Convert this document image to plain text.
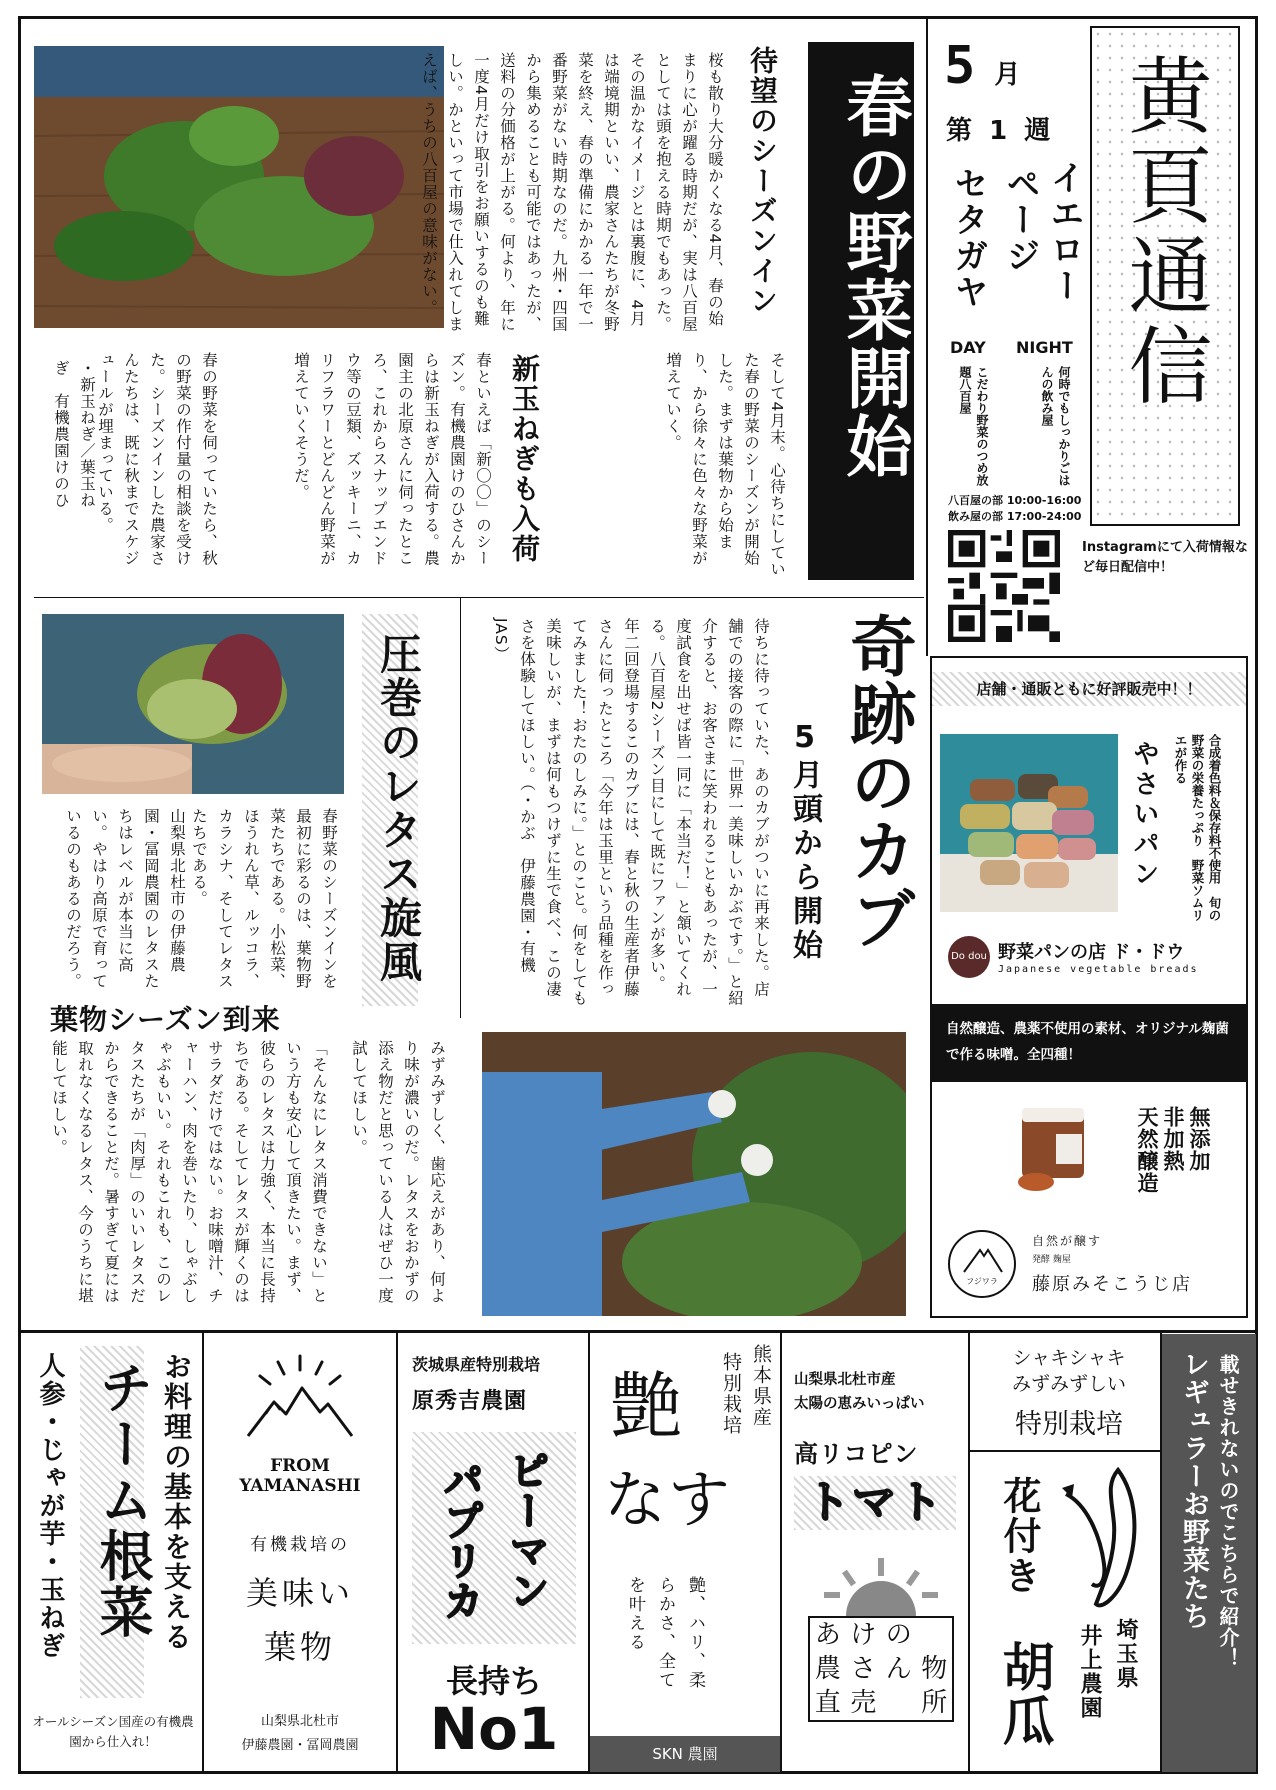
黄頁通信
5 月
第 1 週
イエロー
ページ
セタガヤ
DAY NIGHT
何時でもしっかりごはんの飲み屋
こだわり野菜のつめ放題八百屋
八百屋の部 10:00-16:00
飲み屋の部 17:00-24:00
Instagramにて入荷情報など毎日配信中！
春の野菜開始
待望のシーズンイン
桜も散り大分暖かくなる4月、春の始まりに心が躍る時期だが、実は八百屋としては頭を抱える時期でもあった。その温かなイメージとは裏腹に、4月は端境期といい、農家さんたちが冬野菜を終え、春の準備にかかる一年で一番野菜がない時期なのだ。九州・四国から集めることも可能ではあったが、送料の分価格が上がる。何より、年に一度4月だけ取引をお願いするのも難しい。かといって市場で仕入れてしまえば、うちの八百屋の意味がない。
そして4月末。心待ちにしていた春の野菜のシーズンが開始した。まずは葉物から始まり、から徐々に色々な野菜が増えていく。
新玉ねぎも入荷
春といえば「新〇〇」のシーズン。有機農園けのひさんからは新玉ねぎが入荷する。農園主の北原さんに伺ったところ、これからスナップエンドウ等の豆類、ズッキーニ、カリフラワーとどんどん野菜が増えていくそうだ。
春の野菜を伺っていたら、秋の野菜の作付量の相談を受けた。シーズンインした農家さんたちは、既に秋までスケジュールが埋まっている。
・新玉ねぎ／葉玉ねぎ　有機農園けのひ
圧巻のレタス旋風
春野菜のシーズンインを最初に彩るのは、葉物野菜たちである。小松菜、ほうれん草、ルッコラ、カラシナ、そしてレタスたちである。
山梨県北杜市の伊藤農園・冨岡農園のレタスたちはレベルが本当に高い。やはり高原で育っているのもあるのだろう。
葉物シーズン到来
みずみずしく、歯応えがあり、何より味が濃いのだ。レタスをおかずの添え物だと思っている人はぜひ一度試してほしい。
「そんなにレタス消費できない」という方も安心して頂きたい。まず、彼らのレタスは力強く、本当に長持ちである。そしてレタスが輝くのはサラダだけではない。お味噌汁、チャーハン、肉を巻いたり、しゃぶしゃぶもいい。それもこれも、このレタスたちが「肉厚」のいいレタスだからできることだ。暑すぎて夏には取れなくなるレタス、今のうちに堪能してほしい。
奇跡のカブ
5月頭から開始
待ちに待っていた、あのカブがついに再来した。店舗での接客の際に「世界一美味しいかぶです。」と紹介すると、お客さまに笑われることもあったが、一度試食を出せば皆一同に「本当だ！」と頷いてくれる。八百屋2シーズン目にして既にファンが多い。年二回登場するこのカブには、春と秋の生産者伊藤さんに伺ったところ「今年は玉里という品種を作ってみました！おたのしみに。」とのこと。何をしても美味しいが、まずは何もつけずに生で食べ、この凄さを体験してほしい。（・かぶ　伊藤農園・有機JAS）
店舗・通販ともに好評販売中！！
やさいパン	合成着色料＆保存料不使用　旬の野菜の栄養たっぷり　野菜ソムリエが作る
Do dou 野菜パンの店 ド・ドウ
Japanese vegetable breads
自然醸造、農薬不使用の素材、オリジナル麹菌で作る味噌。全四種！
無添加
非加熱
天然醸造
フジワラ
自然が醸す
発酵 麹屋
藤原みそこうじ店
お料理の基本を支える
チーム根菜
人参・じゃが芋・玉ねぎ
オールシーズン国産の有機農園から仕入れ！
FROM
YAMANASHI
有機栽培の
美味い
葉物
山梨県北杜市
伊藤農園・冨岡農園
茨城県産特別栽培
原秀吉農園
ピーマン
パプリカ
長持ち
No1
熊本県産
特別栽培
艶
なす
艶、ハリ、柔らかさ、全てを叶える
SKN 農園
山梨県北杜市産
太陽の恵みいっぱい
高リコピン
トマト
あ け の
農 さ ん 物
直 売 所
シャキシャキ
みずみずしい
特別栽培
花付き
胡瓜	埼玉県
井上農園
載せきれないのでこちらで紹介！
レギュラーお野菜たち
